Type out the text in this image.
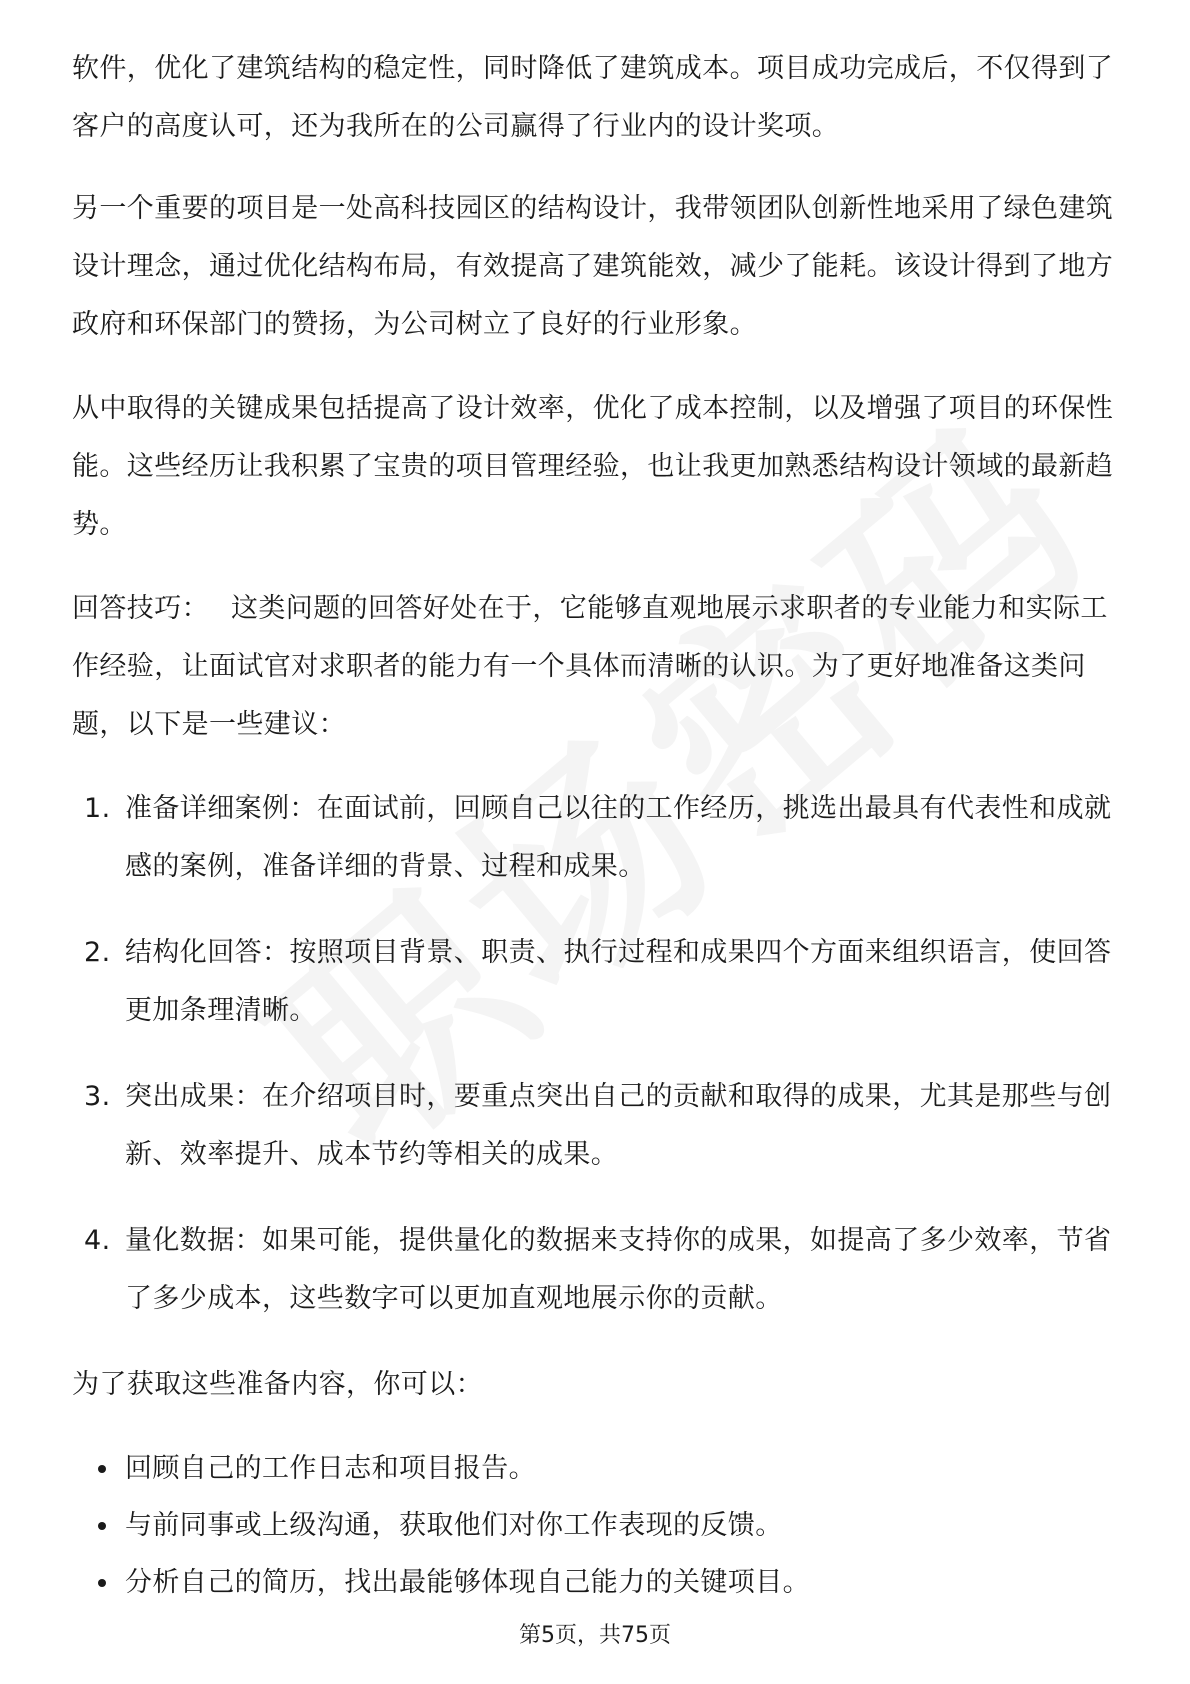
软件，优化了建筑结构的稳定性，同时降低了建筑成本。项目成功完成后，不仅得到了客户的高度认可，还为我所在的公司赢得了行业内的设计奖项。

另一个重要的项目是一处高科技园区的结构设计，我带领团队创新性地采用了绿色建筑设计理念，通过优化结构布局，有效提高了建筑能效，减少了能耗。该设计得到了地方政府和环保部门的赞扬，为公司树立了良好的行业形象。

从中取得的关键成果包括提高了设计效率，优化了成本控制，以及增强了项目的环保性能。这些经历让我积累了宝贵的项目管理经验，也让我更加熟悉结构设计领域的最新趋势。

回答技巧： 这类问题的回答好处在于，它能够直观地展示求职者的专业能力和实际工作经验，让面试官对求职者的能力有一个具体而清晰的认识。为了更好地准备这类问题，以下是一些建议：

1. 准备详细案例：在面试前，回顾自己以往的工作经历，挑选出最具有代表性和成就感的案例，准备详细的背景、过程和成果。
2. 结构化回答：按照项目背景、职责、执行过程和成果四个方面来组织语言，使回答更加条理清晰。
3. 突出成果：在介绍项目时，要重点突出自己的贡献和取得的成果，尤其是那些与创新、效率提升、成本节约等相关的成果。
4. 量化数据：如果可能，提供量化的数据来支持你的成果，如提高了多少效率，节省了多少成本，这些数字可以更加直观地展示你的贡献。

为了获取这些准备内容，你可以：

回顾自己的工作日志和项目报告。
与前同事或上级沟通，获取他们对你工作表现的反馈。
分析自己的简历，找出最能够体现自己能力的关键项目。
第5页，共75页
